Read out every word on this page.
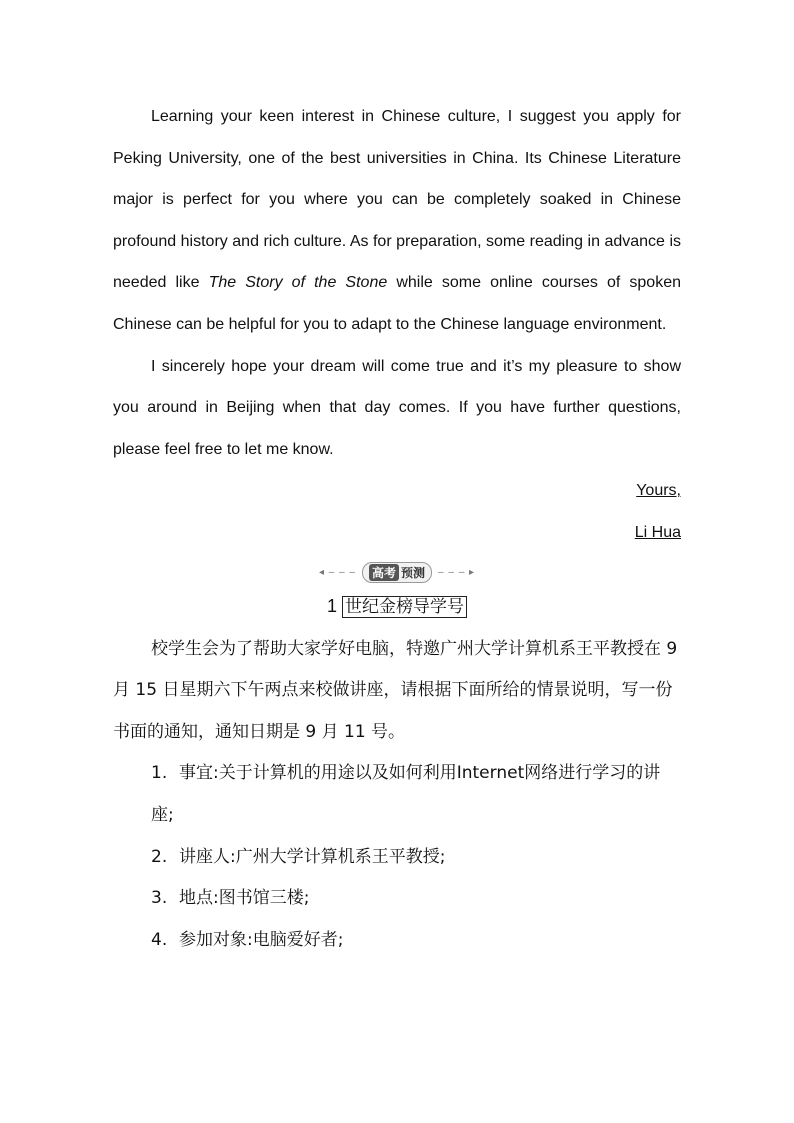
Learning your keen interest in Chinese culture, I suggest you apply for Peking University, one of the best universities in China. Its Chinese Literature major is perfect for you where you can be completely soaked in Chinese profound history and rich culture. As for preparation, some reading in advance is needed like The Story of the Stone while some online courses of spoken Chinese can be helpful for you to adapt to the Chinese language environment.

I sincerely hope your dream will come true and it’s my pleasure to show you around in Beijing when that day comes. If you have further questions, please feel free to let me know.

Yours,

Li Hua

◂ ‒ ‒ ‒ 高考 预测 ‒ ‒ ‒ ▸

1 世纪金榜导学号

校学生会为了帮助大家学好电脑，特邀广州大学计算机系王平教授在 9 月 15 日星期六下午两点来校做讲座，请根据下面所给的情景说明，写一份书面的通知，通知日期是 9 月 11 号。

1. 事宜:关于计算机的用途以及如何利用Internet网络进行学习的讲座;

2. 讲座人:广州大学计算机系王平教授;

3. 地点:图书馆三楼;

4. 参加对象:电脑爱好者;
